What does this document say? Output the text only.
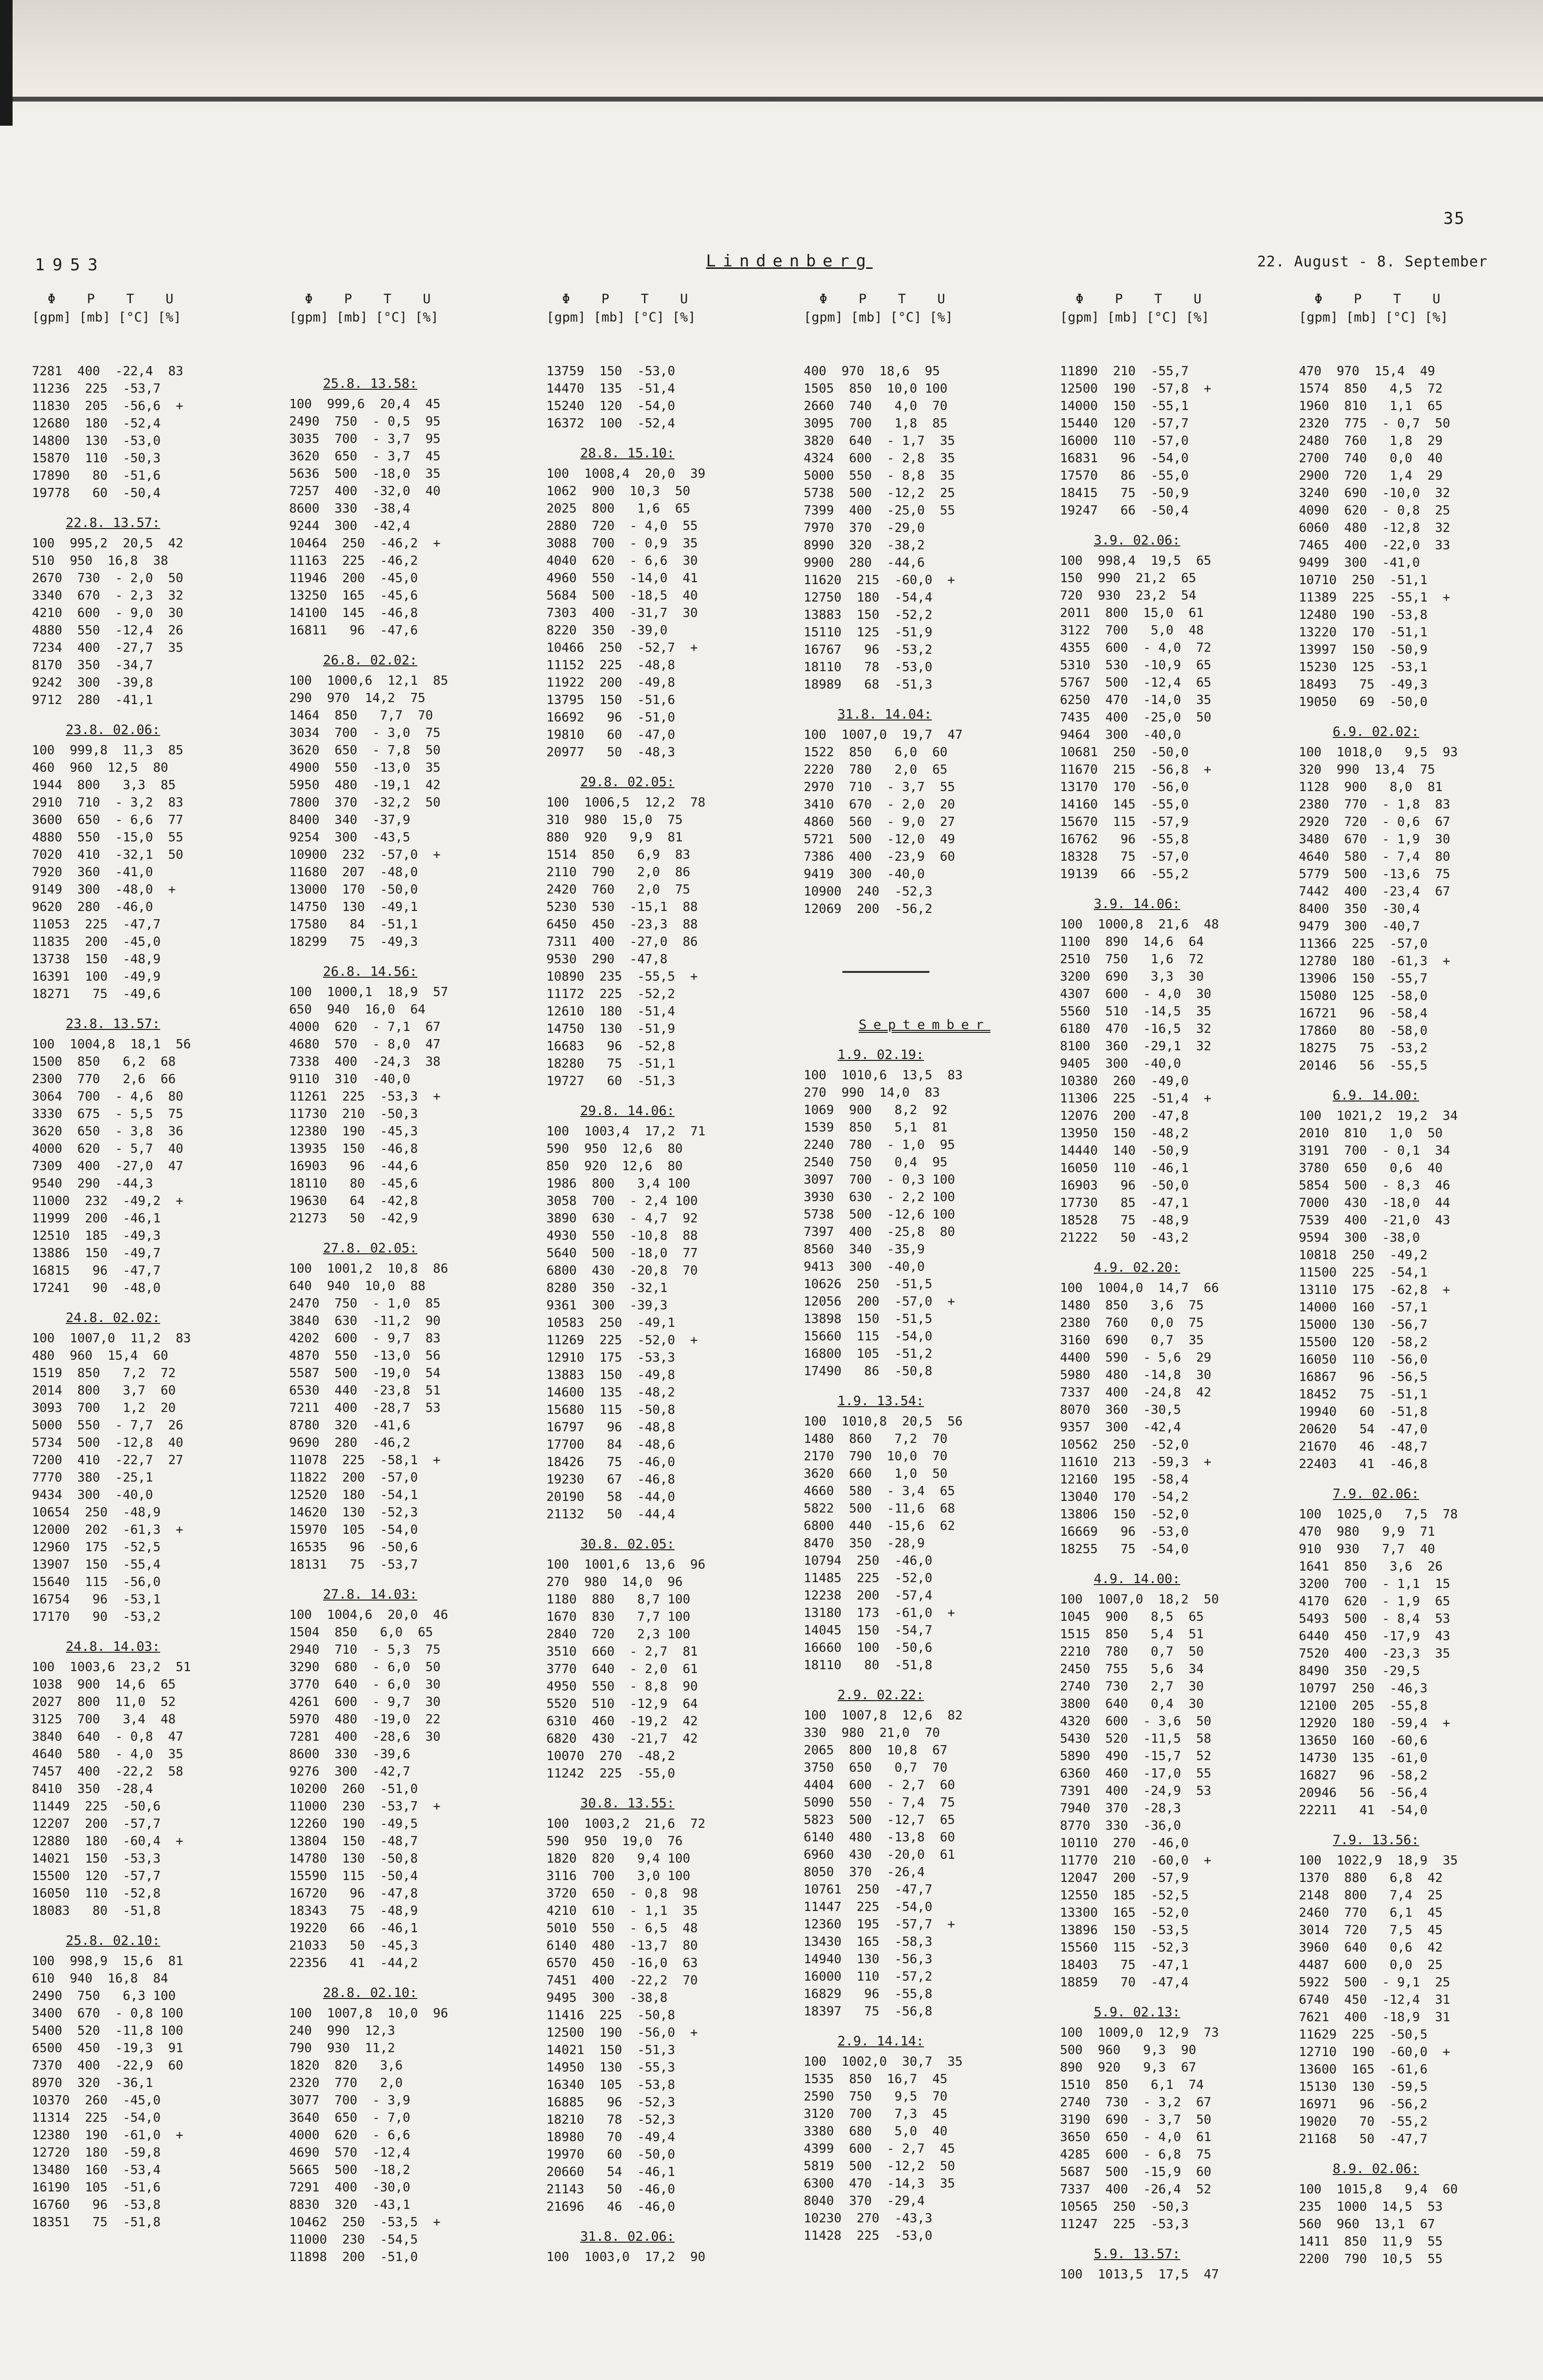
1953	Lindenberg
35
22. August - 8. September
Φ    P    T    U
[gpm] [mb] [°C] [%]
7281  400  -22,4  83
11236  225  -53,7
11830  205  -56,6  +
12680  180  -52,4
14800  130  -53,0
15870  110  -50,3
17890   80  -51,6
19778   60  -50,4
22.8. 13.57:
100  995,2  20,5  42
510  950  16,8  38
2670  730  - 2,0  50
3340  670  - 2,3  32
4210  600  - 9,0  30
4880  550  -12,4  26
7234  400  -27,7  35
8170  350  -34,7
9242  300  -39,8
9712  280  -41,1
23.8. 02.06:
100  999,8  11,3  85
460  960  12,5  80
1944  800   3,3  85
2910  710  - 3,2  83
3600  650  - 6,6  77
4880  550  -15,0  55
7020  410  -32,1  50
7920  360  -41,0
9149  300  -48,0  +
9620  280  -46,0
11053  225  -47,7
11835  200  -45,0
13738  150  -48,9
16391  100  -49,9
18271   75  -49,6
23.8. 13.57:
100  1004,8  18,1  56
1500  850   6,2  68
2300  770   2,6  66
3064  700  - 4,6  80
3330  675  - 5,5  75
3620  650  - 3,8  36
4000  620  - 5,7  40
7309  400  -27,0  47
9540  290  -44,3
11000  232  -49,2  +
11999  200  -46,1
12510  185  -49,3
13886  150  -49,7
16815   96  -47,7
17241   90  -48,0
24.8. 02.02:
100  1007,0  11,2  83
480  960  15,4  60
1519  850   7,2  72
2014  800   3,7  60
3093  700   1,2  20
5000  550  - 7,7  26
5734  500  -12,8  40
7200  410  -22,7  27
7770  380  -25,1
9434  300  -40,0
10654  250  -48,9
12000  202  -61,3  +
12960  175  -52,5
13907  150  -55,4
15640  115  -56,0
16754   96  -53,1
17170   90  -53,2
24.8. 14.03:
100  1003,6  23,2  51
1038  900  14,6  65
2027  800  11,0  52
3125  700   3,4  48
3840  640  - 0,8  47
4640  580  - 4,0  35
7457  400  -22,2  58
8410  350  -28,4
11449  225  -50,6
12207  200  -57,7
12880  180  -60,4  +
14021  150  -53,3
15500  120  -57,7
16050  110  -52,8
18083   80  -51,8
25.8. 02.10:
100  998,9  15,6  81
610  940  16,8  84
2490  750   6,3 100
3400  670  - 0,8 100
5400  520  -11,8 100
6500  450  -19,3  91
7370  400  -22,9  60
8970  320  -36,1
10370  260  -45,0
11314  225  -54,0
12380  190  -61,0  +
12720  180  -59,8
13480  160  -53,4
16190  105  -51,6
16760   96  -53,8
18351   75  -51,8
Φ    P    T    U
[gpm] [mb] [°C] [%]
25.8. 13.58:
100  999,6  20,4  45
2490  750  - 0,5  95
3035  700  - 3,7  95
3620  650  - 3,7  45
5636  500  -18,0  35
7257  400  -32,0  40
8600  330  -38,4
9244  300  -42,4
10464  250  -46,2  +
11163  225  -46,2
11946  200  -45,0
13250  165  -45,6
14100  145  -46,8
16811   96  -47,6
26.8. 02.02:
100  1000,6  12,1  85
290  970  14,2  75
1464  850   7,7  70
3034  700  - 3,0  75
3620  650  - 7,8  50
4900  550  -13,0  35
5950  480  -19,1  42
7800  370  -32,2  50
8400  340  -37,9
9254  300  -43,5
10900  232  -57,0  +
11680  207  -48,0
13000  170  -50,0
14750  130  -49,1
17580   84  -51,1
18299   75  -49,3
26.8. 14.56:
100  1000,1  18,9  57
650  940  16,0  64
4000  620  - 7,1  67
4680  570  - 8,0  47
7338  400  -24,3  38
9110  310  -40,0
11261  225  -53,3  +
11730  210  -50,3
12380  190  -45,3
13935  150  -46,8
16903   96  -44,6
18110   80  -45,6
19630   64  -42,8
21273   50  -42,9
27.8. 02.05:
100  1001,2  10,8  86
640  940  10,0  88
2470  750  - 1,0  85
3840  630  -11,2  90
4202  600  - 9,7  83
4870  550  -13,0  56
5587  500  -19,0  54
6530  440  -23,8  51
7211  400  -28,7  53
8780  320  -41,6
9690  280  -46,2
11078  225  -58,1  +
11822  200  -57,0
12520  180  -54,1
14620  130  -52,3
15970  105  -54,0
16535   96  -50,6
18131   75  -53,7
27.8. 14.03:
100  1004,6  20,0  46
1504  850   6,0  65
2940  710  - 5,3  75
3290  680  - 6,0  50
3770  640  - 6,0  30
4261  600  - 9,7  30
5970  480  -19,0  22
7281  400  -28,6  30
8600  330  -39,6
9276  300  -42,7
10200  260  -51,0
11000  230  -53,7  +
12260  190  -49,5
13804  150  -48,7
14780  130  -50,8
15590  115  -50,4
16720   96  -47,8
18343   75  -48,9
19220   66  -46,1
21033   50  -45,3
22356   41  -44,2
28.8. 02.10:
100  1007,8  10,0  96
240  990  12,3
790  930  11,2
1820  820   3,6
2320  770   2,0
3077  700  - 3,9
3640  650  - 7,0
4000  620  - 6,6
4690  570  -12,4
5665  500  -18,2
7291  400  -30,0
8830  320  -43,1
10462  250  -53,5  +
11000  230  -54,5
11898  200  -51,0
Φ    P    T    U
[gpm] [mb] [°C] [%]
13759  150  -53,0
14470  135  -51,4
15240  120  -54,0
16372  100  -52,4
28.8. 15.10:
100  1008,4  20,0  39
1062  900  10,3  50
2025  800   1,6  65
2880  720  - 4,0  55
3088  700  - 0,9  35
4040  620  - 6,6  30
4960  550  -14,0  41
5684  500  -18,5  40
7303  400  -31,7  30
8220  350  -39,0
10466  250  -52,7  +
11152  225  -48,8
11922  200  -49,8
13795  150  -51,6
16692   96  -51,0
19810   60  -47,0
20977   50  -48,3
29.8. 02.05:
100  1006,5  12,2  78
310  980  15,0  75
880  920   9,9  81
1514  850   6,9  83
2110  790   2,0  86
2420  760   2,0  75
5230  530  -15,1  88
6450  450  -23,3  88
7311  400  -27,0  86
9530  290  -47,8
10890  235  -55,5  +
11172  225  -52,2
12610  180  -51,4
14750  130  -51,9
16683   96  -52,8
18280   75  -51,1
19727   60  -51,3
29.8. 14.06:
100  1003,4  17,2  71
590  950  12,6  80
850  920  12,6  80
1986  800   3,4 100
3058  700  - 2,4 100
3890  630  - 4,7  92
4930  550  -10,8  88
5640  500  -18,0  77
6800  430  -20,8  70
8280  350  -32,1
9361  300  -39,3
10583  250  -49,1
11269  225  -52,0  +
12910  175  -53,3
13883  150  -49,8
14600  135  -48,2
15680  115  -50,8
16797   96  -48,8
17700   84  -48,6
18426   75  -46,0
19230   67  -46,8
20190   58  -44,0
21132   50  -44,4
30.8. 02.05:
100  1001,6  13,6  96
270  980  14,0  96
1180  880   8,7 100
1670  830   7,7 100
2840  720   2,3 100
3510  660  - 2,7  81
3770  640  - 2,0  61
4950  550  - 8,8  90
5520  510  -12,9  64
6310  460  -19,2  42
6820  430  -21,7  42
10070  270  -48,2
11242  225  -55,0
30.8. 13.55:
100  1003,2  21,6  72
590  950  19,0  76
1820  820   9,4 100
3116  700   3,0 100
3720  650  - 0,8  98
4210  610  - 1,1  35
5010  550  - 6,5  48
6140  480  -13,7  80
6570  450  -16,0  63
7451  400  -22,2  70
9495  300  -38,8
11416  225  -50,8
12500  190  -56,0  +
14021  150  -51,3
14950  130  -55,3
16340  105  -53,8
16885   96  -52,3
18210   78  -52,3
18980   70  -49,4
19970   60  -50,0
20660   54  -46,1
21143   50  -46,0
21696   46  -46,0
31.8. 02.06:
100  1003,0  17,2  90
Φ    P    T    U
[gpm] [mb] [°C] [%]
400  970  18,6  95
1505  850  10,0 100
2660  740   4,0  70
3095  700   1,8  85
3820  640  - 1,7  35
4324  600  - 2,8  35
5000  550  - 8,8  35
5738  500  -12,2  25
7399  400  -25,0  55
7970  370  -29,0
8990  320  -38,2
9900  280  -44,6
11620  215  -60,0  +
12750  180  -54,4
13883  150  -52,2
15110  125  -51,9
16767   96  -53,2
18110   78  -53,0
18989   68  -51,3
31.8. 14.04:
100  1007,0  19,7  47
1522  850   6,0  60
2220  780   2,0  65
2970  710  - 3,7  55
3410  670  - 2,0  20
4860  560  - 9,0  27
5721  500  -12,0  49
7386  400  -23,9  60
9419  300  -40,0
10900  240  -52,3
12069  200  -56,2
September
1.9. 02.19:
100  1010,6  13,5  83
270  990  14,0  83
1069  900   8,2  92
1539  850   5,1  81
2240  780  - 1,0  95
2540  750   0,4  95
3097  700  - 0,3 100
3930  630  - 2,2 100
5738  500  -12,6 100
7397  400  -25,8  80
8560  340  -35,9
9413  300  -40,0
10626  250  -51,5
12056  200  -57,0  +
13898  150  -51,5
15660  115  -54,0
16800  105  -51,2
17490   86  -50,8
1.9. 13.54:
100  1010,8  20,5  56
1480  860   7,2  70
2170  790  10,0  70
3620  660   1,0  50
4660  580  - 3,4  65
5822  500  -11,6  68
6800  440  -15,6  62
8470  350  -28,9
10794  250  -46,0
11485  225  -52,0
12238  200  -57,4
13180  173  -61,0  +
14045  150  -54,7
16660  100  -50,6
18110   80  -51,8
2.9. 02.22:
100  1007,8  12,6  82
330  980  21,0  70
2065  800  10,8  67
3750  650   0,7  70
4404  600  - 2,7  60
5090  550  - 7,4  75
5823  500  -12,7  65
6140  480  -13,8  60
6960  430  -20,0  61
8050  370  -26,4
10761  250  -47,7
11447  225  -54,0
12360  195  -57,7  +
13430  165  -58,3
14940  130  -56,3
16000  110  -57,2
16829   96  -55,8
18397   75  -56,8
2.9. 14.14:
100  1002,0  30,7  35
1535  850  16,7  45
2590  750   9,5  70
3120  700   7,3  45
3380  680   5,0  40
4399  600  - 2,7  45
5819  500  -12,2  50
6300  470  -14,3  35
8040  370  -29,4
10230  270  -43,3
11428  225  -53,0
Φ    P    T    U
[gpm] [mb] [°C] [%]
11890  210  -55,7
12500  190  -57,8  +
14000  150  -55,1
15440  120  -57,7
16000  110  -57,0
16831   96  -54,0
17570   86  -55,0
18415   75  -50,9
19247   66  -50,4
3.9. 02.06:
100  998,4  19,5  65
150  990  21,2  65
720  930  23,2  54
2011  800  15,0  61
3122  700   5,0  48
4355  600  - 4,0  72
5310  530  -10,9  65
5767  500  -12,4  65
6250  470  -14,0  35
7435  400  -25,0  50
9464  300  -40,0
10681  250  -50,0
11670  215  -56,8  +
13170  170  -56,0
14160  145  -55,0
15670  115  -57,9
16762   96  -55,8
18328   75  -57,0
19139   66  -55,2
3.9. 14.06:
100  1000,8  21,6  48
1100  890  14,6  64
2510  750   1,6  72
3200  690   3,3  30
4307  600  - 4,0  30
5560  510  -14,5  35
6180  470  -16,5  32
8100  360  -29,1  32
9405  300  -40,0
10380  260  -49,0
11306  225  -51,4  +
12076  200  -47,8
13950  150  -48,2
14440  140  -50,9
16050  110  -46,1
16903   96  -50,0
17730   85  -47,1
18528   75  -48,9
21222   50  -43,2
4.9. 02.20:
100  1004,0  14,7  66
1480  850   3,6  75
2380  760   0,0  75
3160  690   0,7  35
4400  590  - 5,6  29
5980  480  -14,8  30
7337  400  -24,8  42
8070  360  -30,5
9357  300  -42,4
10562  250  -52,0
11610  213  -59,3  +
12160  195  -58,4
13040  170  -54,2
13806  150  -52,0
16669   96  -53,0
18255   75  -54,0
4.9. 14.00:
100  1007,0  18,2  50
1045  900   8,5  65
1515  850   5,4  51
2210  780   0,7  50
2450  755   5,6  34
2740  730   2,7  30
3800  640   0,4  30
4320  600  - 3,6  50
5430  520  -11,5  58
5890  490  -15,7  52
6360  460  -17,0  55
7391  400  -24,9  53
7940  370  -28,3
8770  330  -36,0
10110  270  -46,0
11770  210  -60,0  +
12047  200  -57,9
12550  185  -52,5
13300  165  -52,0
13896  150  -53,5
15560  115  -52,3
18403   75  -47,1
18859   70  -47,4
5.9. 02.13:
100  1009,0  12,9  73
500  960   9,3  90
890  920   9,3  67
1510  850   6,1  74
2740  730  - 3,2  67
3190  690  - 3,7  50
3650  650  - 4,0  61
4285  600  - 6,8  75
5687  500  -15,9  60
7337  400  -26,4  52
10565  250  -50,3
11247  225  -53,3
5.9. 13.57:
100  1013,5  17,5  47
Φ    P    T    U
[gpm] [mb] [°C] [%]
470  970  15,4  49
1574  850   4,5  72
1960  810   1,1  65
2320  775  - 0,7  50
2480  760   1,8  29
2700  740   0,0  40
2900  720   1,4  29
3240  690  -10,0  32
4090  620  - 0,8  25
6060  480  -12,8  32
7465  400  -22,0  33
9499  300  -41,0
10710  250  -51,1
11389  225  -55,1  +
12480  190  -53,8
13220  170  -51,1
13997  150  -50,9
15230  125  -53,1
18493   75  -49,3
19050   69  -50,0
6.9. 02.02:
100  1018,0   9,5  93
320  990  13,4  75
1128  900   8,0  81
2380  770  - 1,8  83
2920  720  - 0,6  67
3480  670  - 1,9  30
4640  580  - 7,4  80
5779  500  -13,6  75
7442  400  -23,4  67
8400  350  -30,4
9479  300  -40,7
11366  225  -57,0
12780  180  -61,3  +
13906  150  -55,7
15080  125  -58,0
16721   96  -58,4
17860   80  -58,0
18275   75  -53,2
20146   56  -55,5
6.9. 14.00:
100  1021,2  19,2  34
2010  810   1,0  50
3191  700  - 0,1  34
3780  650   0,6  40
5854  500  - 8,3  46
7000  430  -18,0  44
7539  400  -21,0  43
9594  300  -38,0
10818  250  -49,2
11500  225  -54,1
13110  175  -62,8  +
14000  160  -57,1
15000  130  -56,7
15500  120  -58,2
16050  110  -56,0
16867   96  -56,5
18452   75  -51,1
19940   60  -51,8
20620   54  -47,0
21670   46  -48,7
22403   41  -46,8
7.9. 02.06:
100  1025,0   7,5  78
470  980   9,9  71
910  930   7,7  40
1641  850   3,6  26
3200  700  - 1,1  15
4170  620  - 1,9  65
5493  500  - 8,4  53
6440  450  -17,9  43
7520  400  -23,3  35
8490  350  -29,5
10797  250  -46,3
12100  205  -55,8
12920  180  -59,4  +
13650  160  -60,6
14730  135  -61,0
16827   96  -58,2
20946   56  -56,4
22211   41  -54,0
7.9. 13.56:
100  1022,9  18,9  35
1370  880   6,8  42
2148  800   7,4  25
2460  770   6,1  45
3014  720   7,5  45
3960  640   0,6  42
4487  600   0,0  25
5922  500  - 9,1  25
6740  450  -12,4  31
7621  400  -18,9  31
11629  225  -50,5
12710  190  -60,0  +
13600  165  -61,6
15130  130  -59,5
16971   96  -56,2
19020   70  -55,2
21168   50  -47,7
8.9. 02.06:
100  1015,8   9,4  60
235  1000  14,5  53
560  960  13,1  67
1411  850  11,9  55
2200  790  10,5  55
